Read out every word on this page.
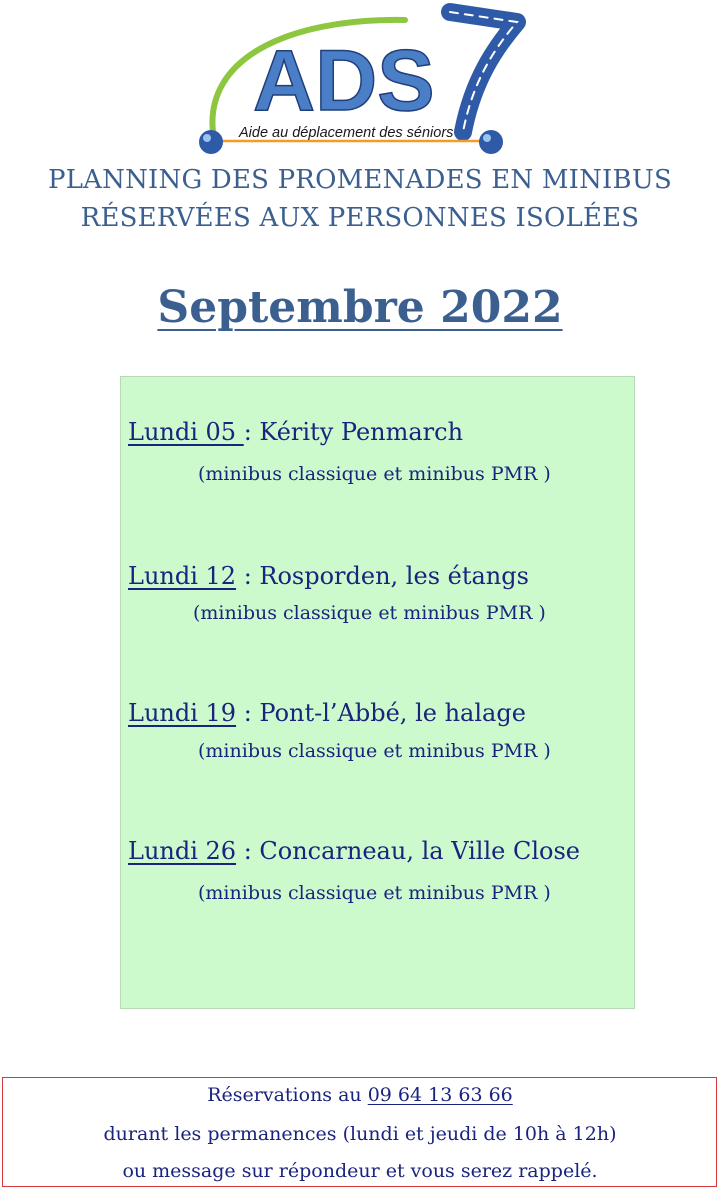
ADS
Aide au déplacement des séniors
PLANNING DES PROMENADES EN MINIBUS
RÉSERVÉES AUX PERSONNES ISOLÉES
Septembre 2022
Lundi 05 : Kérity Penmarch
(minibus classique et minibus PMR )
Lundi 12 : Rosporden, les étangs
(minibus classique et minibus PMR )
Lundi 19 : Pont-l’Abbé, le halage
(minibus classique et minibus PMR )
Lundi 26 : Concarneau, la Ville Close
(minibus classique et minibus PMR )
Réservations au 09 64 13 63 66
durant les permanences (lundi et jeudi de 10h à 12h)
ou message sur répondeur et vous serez rappelé.
